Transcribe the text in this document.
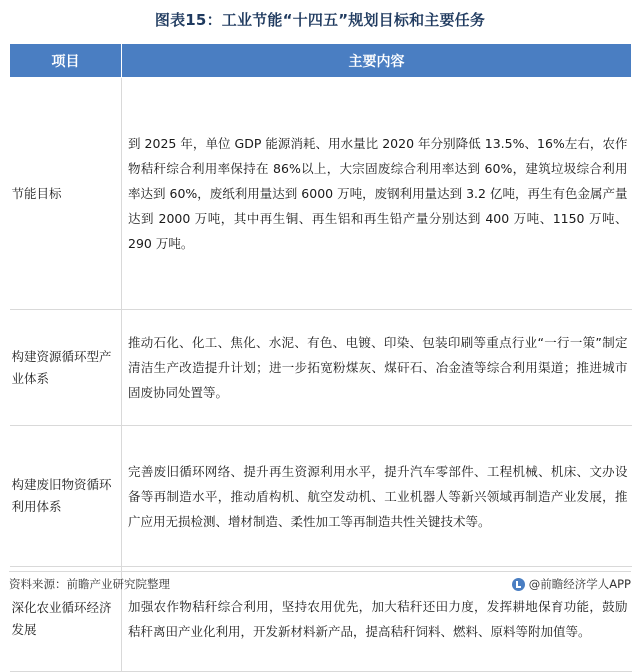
图表15：工业节能“十四五”规划目标和主要任务
项目	主要内容
节能目标	到 2025 年，单位 GDP 能源消耗、用水量比 2020 年分别降低 13.5%、16%左右，农作物秸秆综合利用率保持在 86%以上，大宗固废综合利用率达到 60%，建筑垃圾综合利用率达到 60%，废纸利用量达到 6000 万吨，废钢利用量达到 3.2 亿吨，再生有色金属产量达到 2000 万吨，其中再生铜、再生铝和再生铅产量分别达到 400 万吨、1150 万吨、290 万吨。
构建资源循环型产业体系	推动石化、化工、焦化、水泥、有色、电镀、印染、包装印刷等重点行业“一行一策”制定清洁生产改造提升计划；进一步拓宽粉煤灰、煤矸石、冶金渣等综合利用渠道；推进城市固废协同处置等。
构建废旧物资循环利用体系	完善废旧循环网络、提升再生资源利用水平，提升汽车零部件、工程机械、机床、文办设备等再制造水平，推动盾构机、航空发动机、工业机器人等新兴领域再制造产业发展，推广应用无损检测、增材制造、柔性加工等再制造共性关键技术等。
深化农业循环经济发展	加强农作物秸秆综合利用，坚持农用优先，加大秸秆还田力度，发挥耕地保育功能，鼓励秸秆离田产业化利用，开发新材料新产品，提高秸秆饲料、燃料、原料等附加值等。
资料来源：前瞻产业研究院整理	@前瞻经济学人APP
